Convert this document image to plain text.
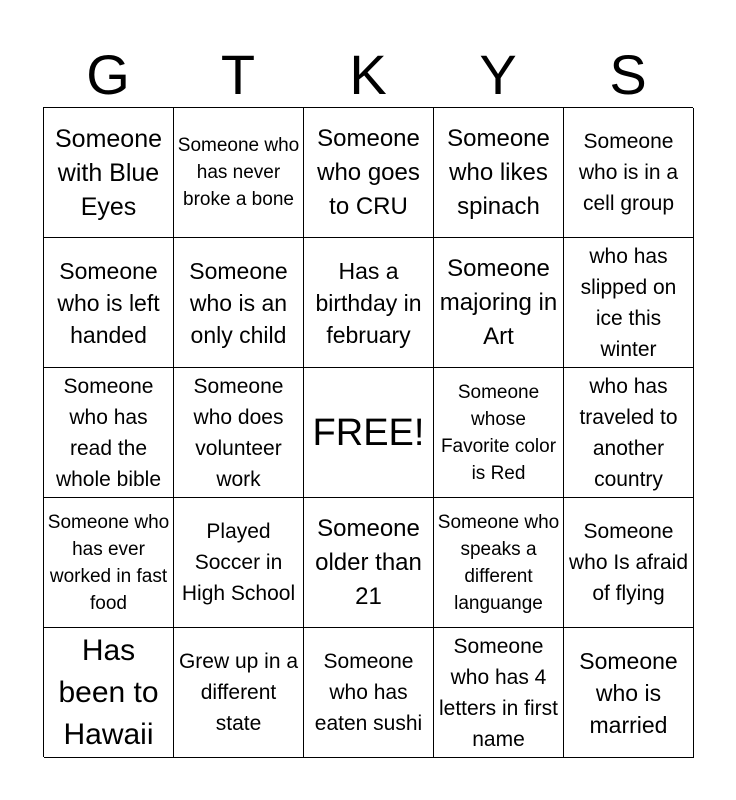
G	T	K	Y	S
Someone with Blue Eyes
Someone who has never broke a bone
Someone who goes to CRU
Someone who likes spinach
Someone who is in a cell group
Someone who is left handed
Someone who is an only child
Has a birthday in february
Someone majoring in Art
who has slipped on ice this winter
Someone who has read the whole bible
Someone who does volunteer work
FREE!
Someone whose Favorite color is Red
who has traveled to another country
Someone who has ever worked in fast food
Played Soccer in High School
Someone older than 21
Someone who speaks a different languange
Someone who Is afraid of flying
Has been to Hawaii
Grew up in a different state
Someone who has eaten sushi
Someone who has 4 letters in first name
Someone who is married
